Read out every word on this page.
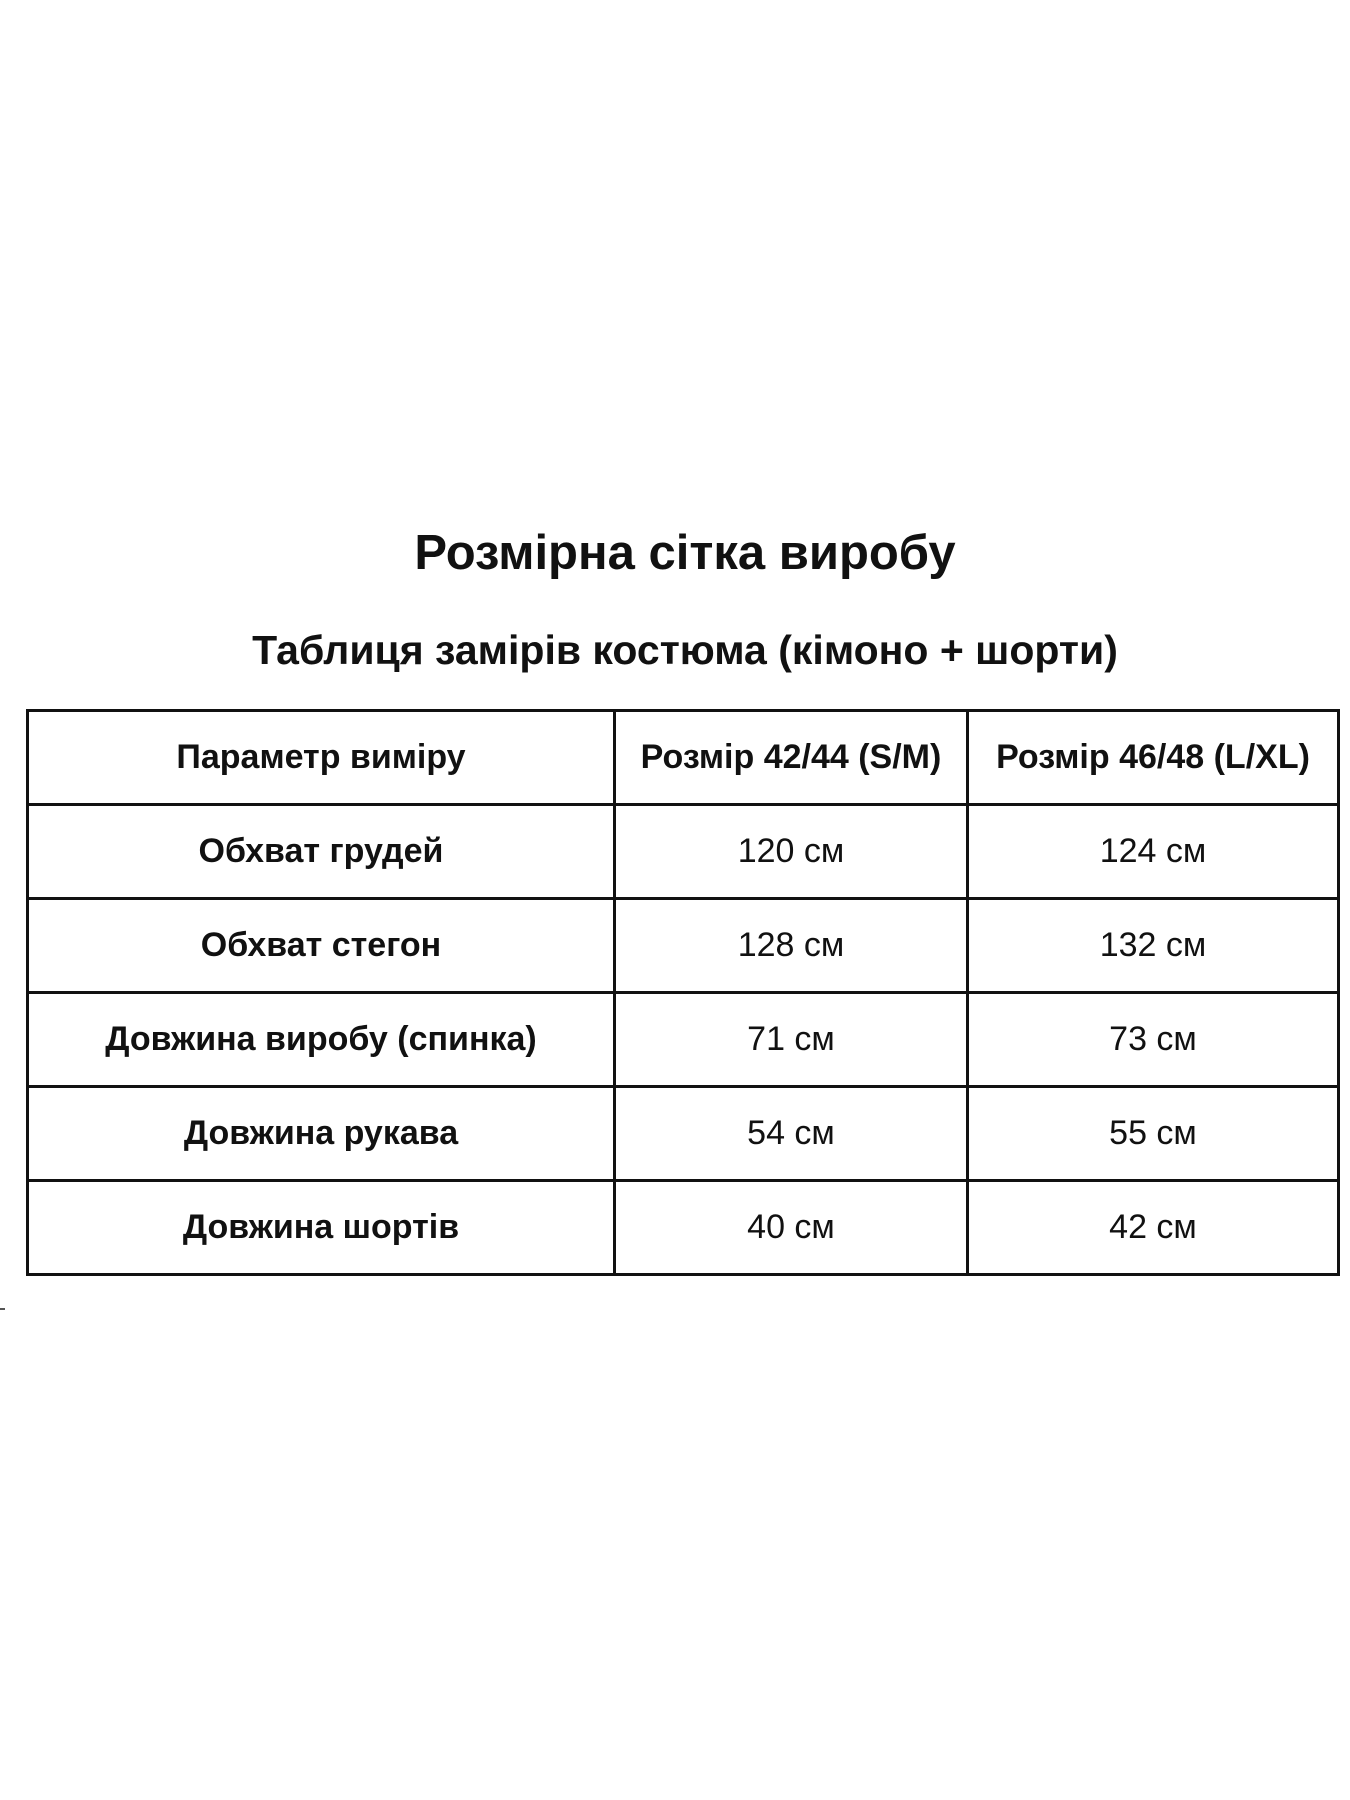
Розмірна сітка виробу
Таблиця замірів костюма (кімоно + шорти)
Параметр виміру	Розмір 42/44 (S/M)	Розмір 46/48 (L/XL)
Обхват грудей	120 см	124 см
Обхват стегон	128 см	132 см
Довжина виробу (спинка)	71 см	73 см
Довжина рукава	54 см	55 см
Довжина шортів	40 см	42 см
